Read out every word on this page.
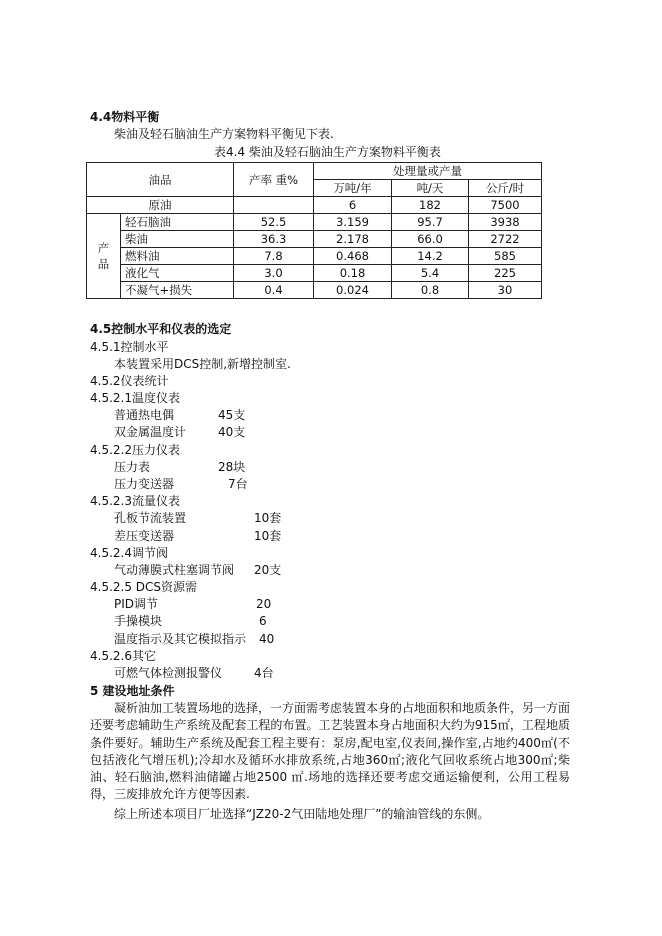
4.4物料平衡
柴油及轻石脑油生产方案物料平衡见下表.
表4.4 柴油及轻石脑油生产方案物料平衡表
油品		产率 重%	处理量或产量		
			万吨/年	吨/天	公斤/时
原油			6	182	7500
产品	轻石脑油	52.5	3.159	95.7	3938
	柴油	36.3	2.178	66.0	2722
	燃料油	7.8	0.468	14.2	585
	液化气	3.0	0.18	5.4	225
	不凝气+损失	0.4	0.024	0.8	30
4.5控制水平和仪表的选定
4.5.1控制水平
本装置采用DCS控制,新增控制室.
4.5.2仪表统计
4.5.2.1温度仪表
普通热电偶	45支
双金属温度计	40支
4.5.2.2压力仪表
压力表	28块
压力变送器	7台
4.5.2.3流量仪表
孔板节流装置	10套
差压变送器	10套
4.5.2.4调节阀
气动薄膜式柱塞调节阀 20支
4.5.2.5 DCS资源需
PID调节	20
手操模块	6
温度指示及其它模拟指示 40
4.5.2.6其它
可燃气体检测报警仪	4台
5 建设地址条件

凝析油加工装置场地的选择，一方面需考虑装置本身的占地面积和地质条件，另一方面还要考虑辅助生产系统及配套工程的布置。工艺装置本身占地面积大约为915㎡，工程地质条件要好。辅助生产系统及配套工程主要有：泵房,配电室,仪表间,操作室,占地约400㎡(不包括液化气增压机);冷却水及循环水排放系统,占地360㎡;液化气回收系统占地300㎡;柴油、轻石脑油,燃料油储罐占地2500 ㎡.场地的选择还要考虑交通运输便利，公用工程易得，三废排放允许方便等因素.

综上所述本项目厂址选择“JZ20-2气田陆地处理厂”的输油管线的东侧。
